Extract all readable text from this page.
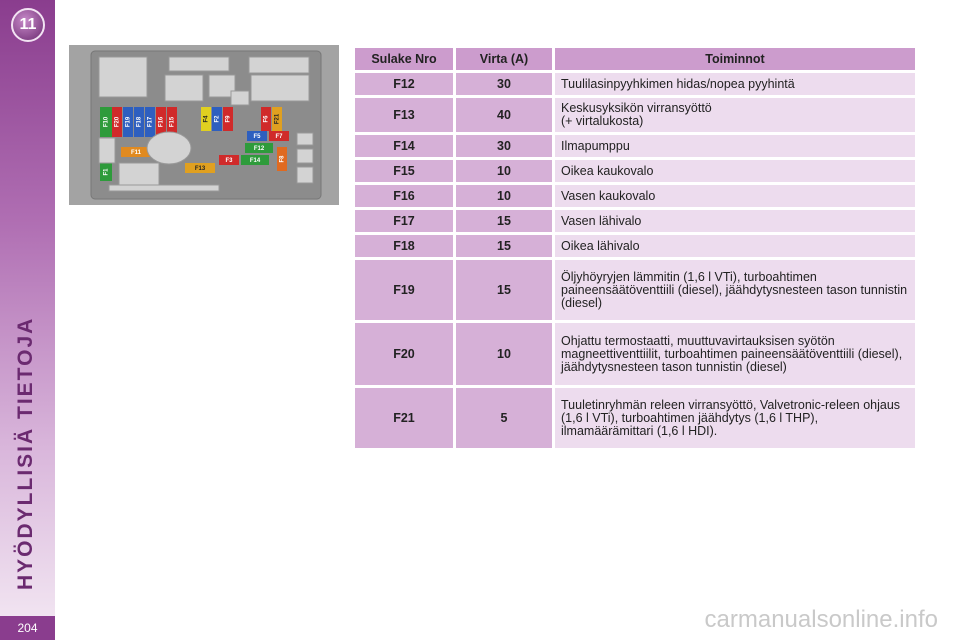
11
HYÖDYLLISIÄ TIETOJA
204
F10 F20 F19 F18 F17 F16 F15	F4 F2 F9	F6 F21
F5 F7
F11
F12
F8
F3	F14
F13
F1
Sulake Nro	Virta (A)	Toiminnot
F12	30	Tuulilasinpyyhkimen hidas/nopea pyyhintä
F13	40	Keskusyksikön virransyöttö
(+ virtalukosta)
F14	30	Ilmapumppu
F15	10	Oikea kaukovalo
F16	10	Vasen kaukovalo
F17	15	Vasen lähivalo
F18	15	Oikea lähivalo
F19	15	Öljyhöyryjen lämmitin (1,6 l VTi), turboahtimen paineensäätöventtiili (diesel), jäähdytysnesteen tason tunnistin (diesel)
F20	10	Ohjattu termostaatti, muuttuvavirtauksisen syötön magneettiventtiilit, turboahtimen paineensäätöventtiili (diesel), jäähdytysnesteen tason tunnistin (diesel)
F21	5	Tuuletinryhmän releen virransyöttö, Valvetronic-releen ohjaus (1,6 l VTi), turboahtimen jäähdytys (1,6 l THP), ilmamäärämittari (1,6 l HDI).
carmanualsonline.info
